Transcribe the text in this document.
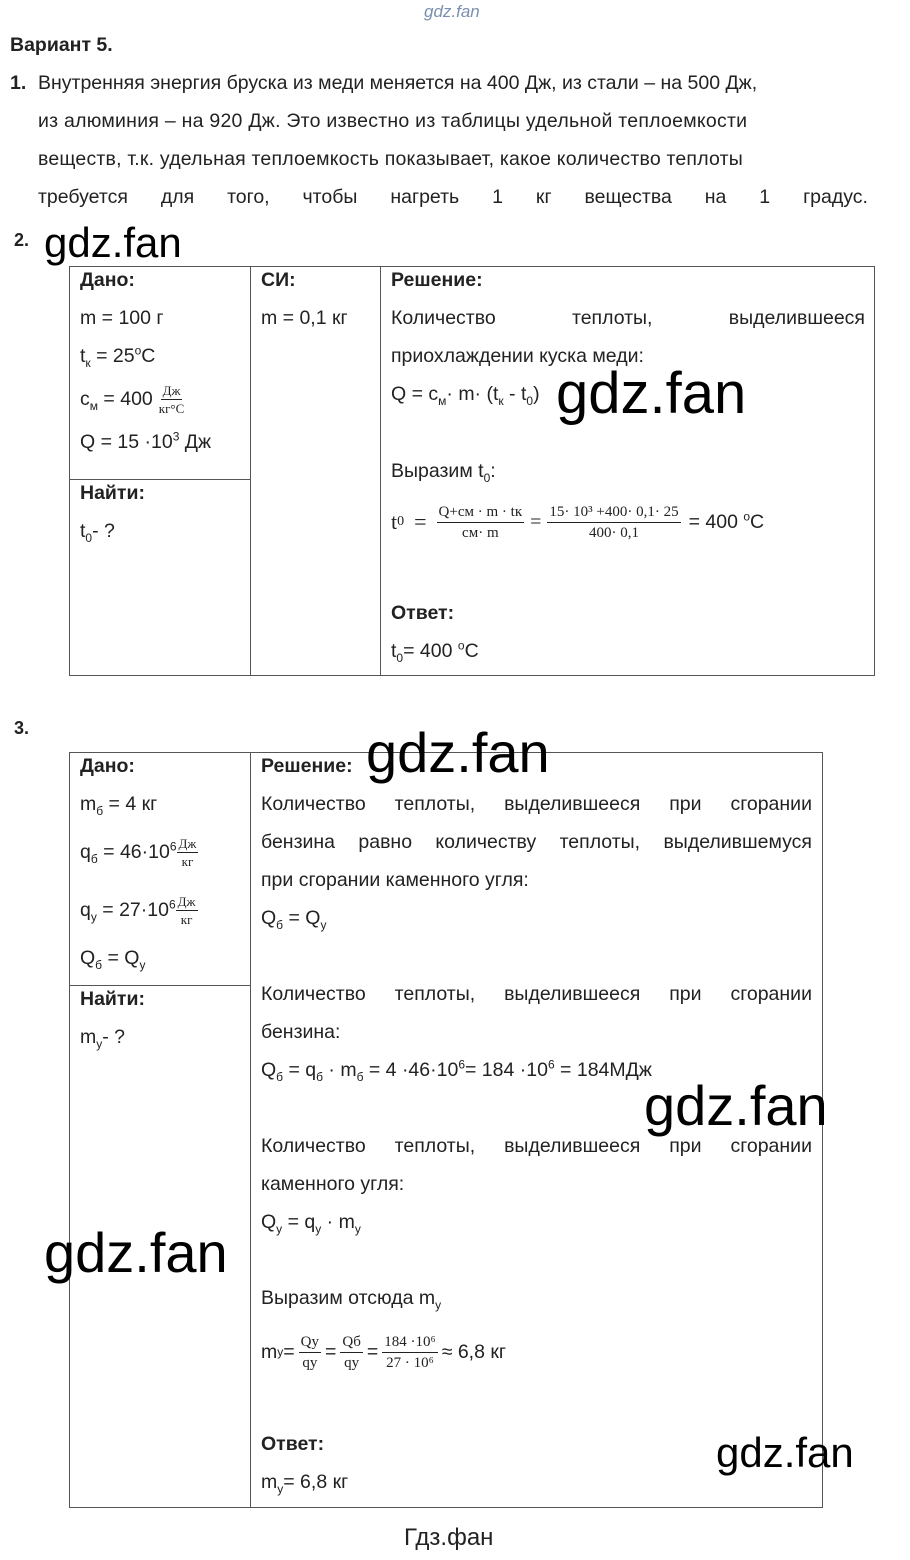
gdz.fan
Вариант 5.
1. Внутренняя энергия бруска из меди меняется на 400 Дж, из стали – на 500 Дж,
из алюминия – на 920 Дж. Это известно из таблицы удельной теплоемкости
веществ, т.к. удельная теплоемкость показывает, какое количество теплоты
требуется для того, чтобы нагреть 1 кг вещества на 1 градус.
2.
Дано:
m = 100 г
$t_к = 25^oC$
$c_м = 400 \frac{Дж}{кг^\circ C}$
$Q = 15 \cdot 10^3$ Дж
Найти:
$t_0-$ ?
СИ:
m = 0,1 кг
Решение:
Количество	теплоты,	выделившееся
приохлаждении куска меди:
$Q = c_м\cdot m\cdot (t_к - t_0)$
Выразим $t_0$:
t $0 = \frac{Q+cм \cdot m \cdot tк}{cм\cdot m} = \frac{\text{15· 10³ +400· 0,1· 25}}{400\cdot 0,1} = 400$ $^o$C
Ответ:
$t_0= 400$ $^o$C
3.
Дано:
$m_б = 4$ кг
$q_б = 46\cdot 10^6 \frac{Дж}{кг}$
$q_у = 27\cdot 10^6 \frac{Дж}{кг}$
$Q_б = Q_у$
Найти:
$m_у-$ ?
Решение:
Количество теплоты, выделившееся при сгорании
бензина равно количеству теплоты, выделившемуся
при сгорании каменного угля:
$Q_б = Q_у$

Количество теплоты, выделившееся при сгорании
бензина:
$Q_б = q_б \cdot m_б = 4 \cdot 46\cdot 10^6= 184 \cdot 10^6 = 184МДж$

Количество теплоты, выделившееся при сгорании
каменного угля:
$Q_у = q_у \cdot m_у$

Выразим отсюда $m_у$
m $у = \frac{Qу}{qу} = \frac{Qб}{qу} = \frac{\text{184 ·10⁶}}{\text{27 · 10⁶}} \approx 6,8$ кг
Ответ:
$m_у= 6,8$ кг
gdz.fan
gdz.fan
gdz.fan
gdz.fan
gdz.fan
gdz.fan
Гдз.фан
